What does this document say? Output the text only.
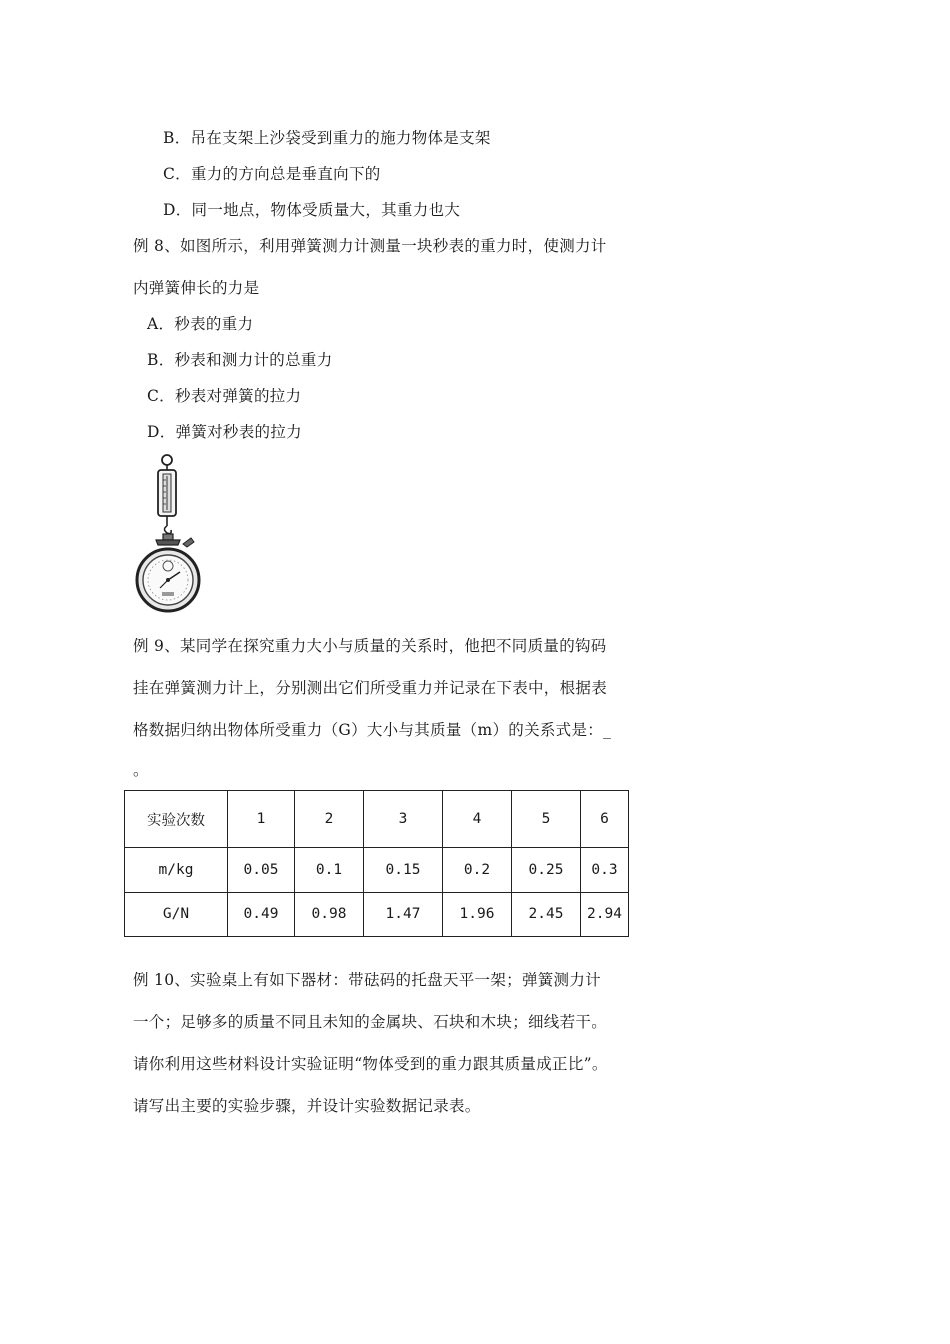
B．吊在支架上沙袋受到重力的施力物体是支架
C．重力的方向总是垂直向下的
D．同一地点，物体受质量大，其重力也大
例 8、如图所示，利用弹簧测力计测量一块秒表的重力时，使测力计
内弹簧伸长的力是
A．秒表的重力
B．秒表和测力计的总重力
C．秒表对弹簧的拉力
D．弹簧对秒表的拉力
例 9、某同学在探究重力大小与质量的关系时，他把不同质量的钩码
挂在弹簧测力计上，分别测出它们所受重力并记录在下表中，根据表
格数据归纳出物体所受重力（G）大小与其质量（m）的关系式是：_
。
实验次数	1	2	3	4	5	6
m/kg	0.05	0.1	0.15	0.2	0.25	0.3
G/N	0.49	0.98	1.47	1.96	2.45	2.94
例 10、实验桌上有如下器材：带砝码的托盘天平一架；弹簧测力计
一个；足够多的质量不同且未知的金属块、石块和木块；细线若干。
请你利用这些材料设计实验证明“物体受到的重力跟其质量成正比”。
请写出主要的实验步骤，并设计实验数据记录表。
